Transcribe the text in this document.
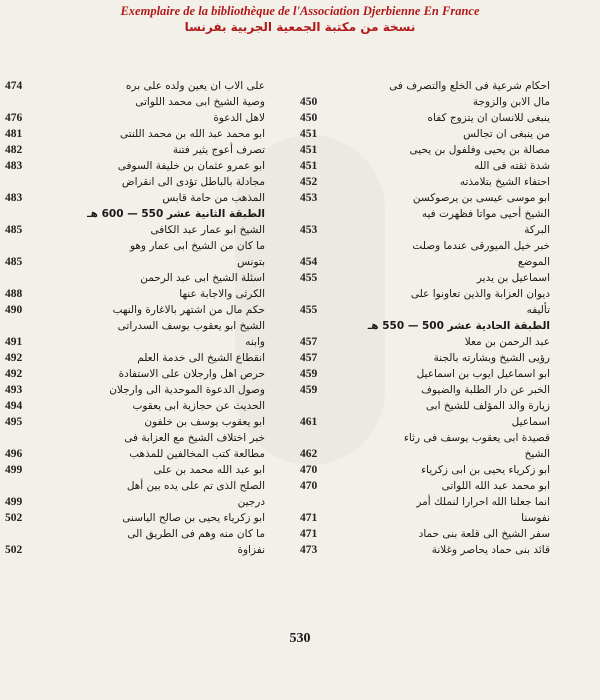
Exemplaire de la bibliothèque de l'Association Djerbienne En France
نسخة من مكتبة الجمعية الجربية بفرنسا
احكام شرعية فى الخلع والتصرف فى
450	مال الابن والزوجة
450	ينبغى للانسان ان يتزوج كفاه
451	من ينبغى ان تجالس
451	مصالة بن يحيى وفلفول بن يحيى
451	شدة ثقته فى الله
452	احتفاء الشيخ بتلامذته
453	ابو موسى عيسى بن يرصوكسن
الشيخ أحيى مواتا فظهرت فيه
453	البركة
خبر خيل الميورقى عندما وصلت
454	الموضع
455	اسماعيل بن يدير
ديوان العزابة والذين تعاونوا على
455	تأليفه
الطبقة الحادية عشر 500 — 550 هـ
457	عبد الرحمن بن معلا
457	رؤيى الشيخ وبشارته بالجنة
459	ابو اسماعيل ايوب بن اسماعيل
459	الخبر عن دار الطلبة والضيوف
زيارة والد المؤلف للشيخ ابى
461	اسماعيل
قصيدة ابى يعقوب يوسف فى رثاء
462	الشيخ
470	ابو زكرياء يحيى بن ابى زكرياء
470	ابو محمد عبد الله اللواتى
انما جعلنا الله احرارا لنملك أمر
471	نفوسنا
471	سفر الشيخ الى قلعة بنى حماد
473	قائد بنى حماد يحاصر وغلانة
474	على الاب ان يعين ولده على بره
وصية الشيخ ابى محمد اللواتى
476	لاهل الدعوة
481	ابو محمد عبد الله بن محمد اللنتى
482	تصرف أعوج يثير فتنة
483	ابو عمرو عثمان بن خليفة السوفى
مجادلة بالباطل تؤدى الى انقراض
483	المذهب من حامة قابس
الطبقة الثانية عشر 550 — 600 هـ
485	الشيخ ابو عمار عبد الكافى
ما كان من الشيخ ابى عمار وهو
485	بتونس
اسئلة الشيخ ابى عبد الرحمن
488	الكرثى والاجابة عنها
490	حكم مال من اشتهر بالاغارة والنهب
الشيخ ابو يعقوب يوسف السدراتى
491	وابنه
492	انقطاع الشيخ الى خدمة العلم
492	حرص اهل وارجلان على الاستفادة
493	وصول الدعوة الموحدية الى وارجلان
494	الحديث عن حجازية ابى يعقوب
495	ابو يعقوب يوسف بن خلفون
خبر اختلاف الشيخ مع العزابة فى
496	مطالعة كتب المخالفين للمذهب
499	ابو عبد الله محمد بن على
الصلح الذى تم على يده بين أهل
499	درجين
502	ابو زكرياء يحيى بن صالح الياسنى
ما كان منه وهم فى الطريق الى
502	نفزاوة
530
